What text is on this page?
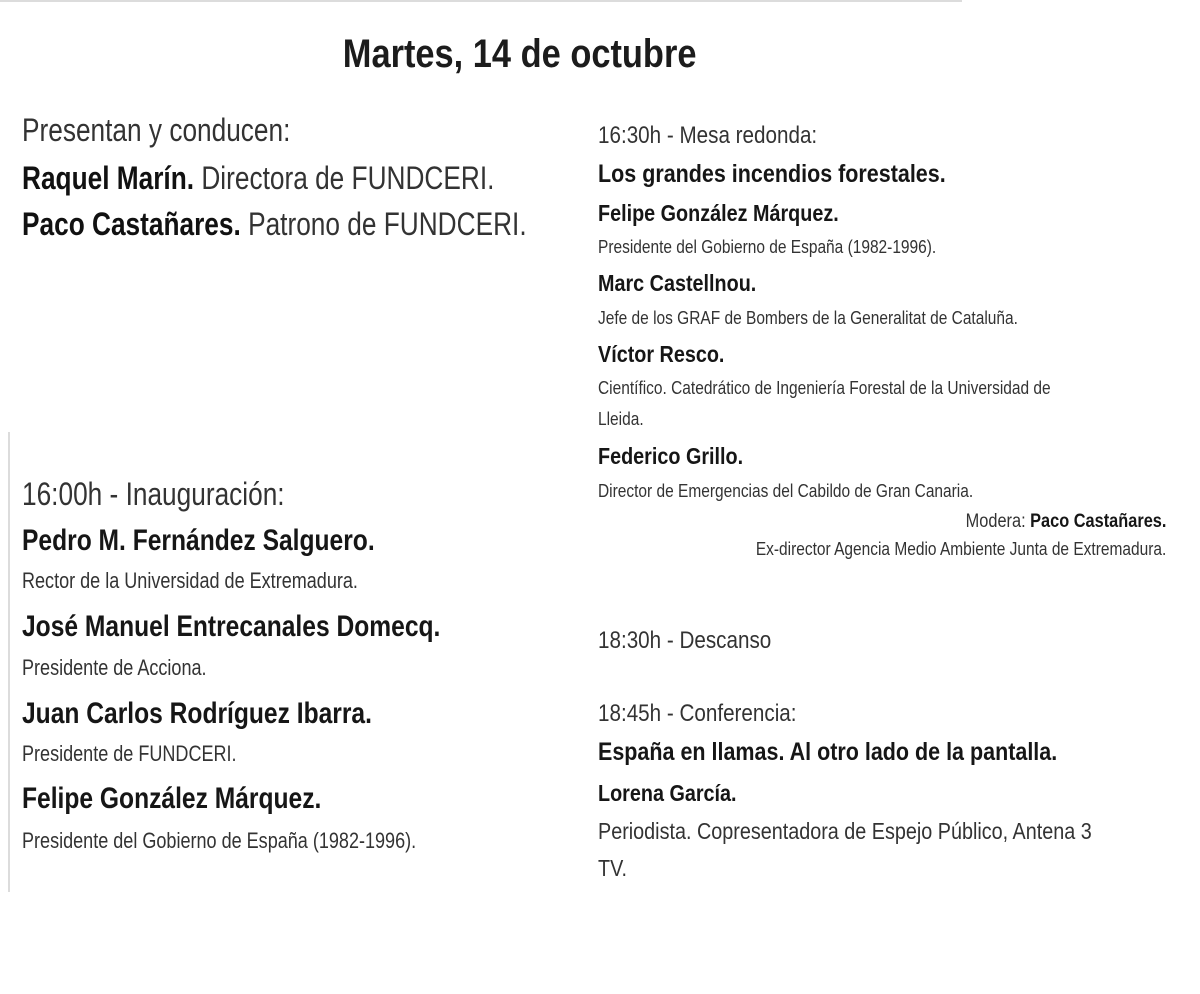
Martes, 14 de octubre
Presentan y conducen:
Raquel Marín. Directora de FUNDCERI.
Paco Castañares. Patrono de FUNDCERI.
16:00h - Inauguración:
Pedro M. Fernández Salguero.
Rector de la Universidad de Extremadura.
José Manuel Entrecanales Domecq.
Presidente de Acciona.
Juan Carlos Rodríguez Ibarra.
Presidente de FUNDCERI.
Felipe González Márquez.
Presidente del Gobierno de España (1982-1996).
16:30h - Mesa redonda:
Los grandes incendios forestales.
Felipe González Márquez.
Presidente del Gobierno de España (1982-1996).
Marc Castellnou.
Jefe de los GRAF de Bombers de la Generalitat de Cataluña.
Víctor Resco.
Científico. Catedrático de Ingeniería Forestal de la Universidad de
Lleida.
Federico Grillo.
Director de Emergencias del Cabildo de Gran Canaria.
Modera: Paco Castañares.
Ex-director Agencia Medio Ambiente Junta de Extremadura.
18:30h - Descanso
18:45h - Conferencia:
España en llamas. Al otro lado de la pantalla.
Lorena García.
Periodista. Copresentadora de Espejo Público, Antena 3
TV.
